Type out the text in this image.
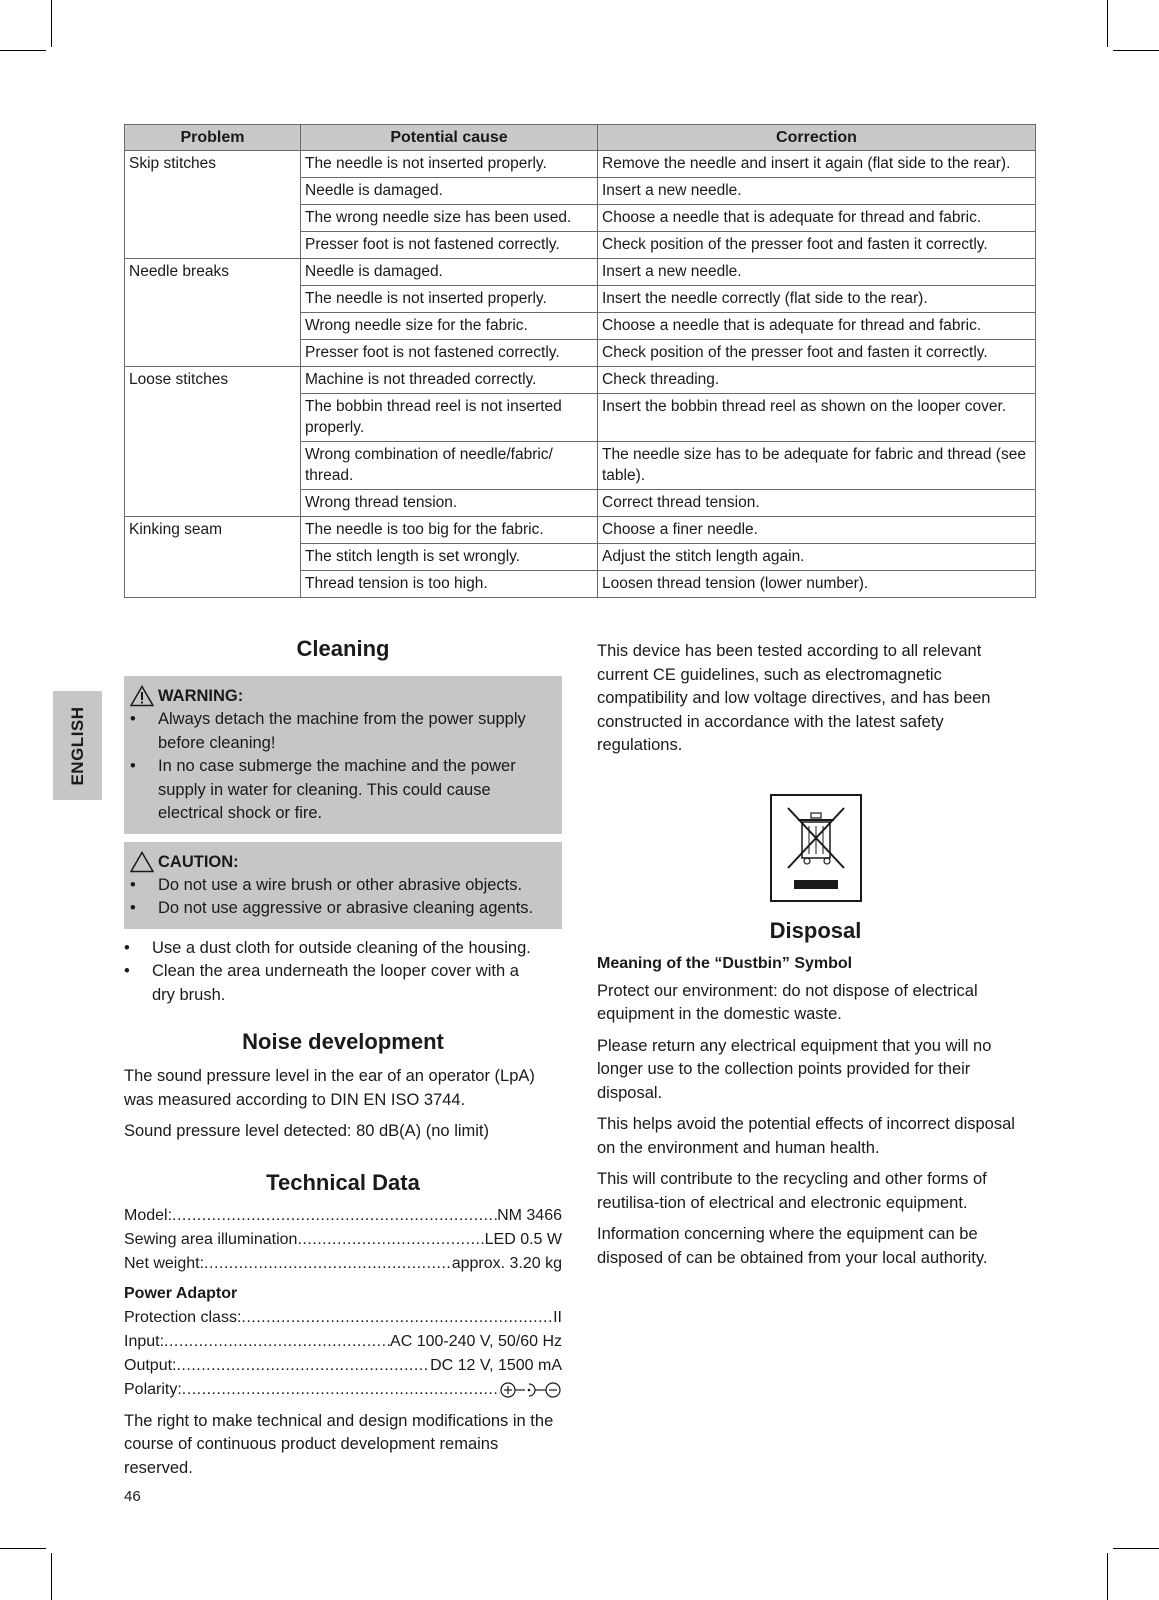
Problem	Potential cause	Correction
Skip stitches	The needle is not inserted properly.	Remove the needle and insert it again (flat side to the rear).
	Needle is damaged.	Insert a new needle.
	The wrong needle size has been used.	Choose a needle that is adequate for thread and fabric.
	Presser foot is not fastened correctly.	Check position of the presser foot and fasten it correctly.
Needle breaks	Needle is damaged.	Insert a new needle.
	The needle is not inserted properly.	Insert the needle correctly (flat side to the rear).
	Wrong needle size for the fabric.	Choose a needle that is adequate for thread and fabric.
	Presser foot is not fastened correctly.	Check position of the presser foot and fasten it correctly.
Loose stitches	Machine is not threaded correctly.	Check threading.
	The bobbin thread reel is not inserted properly.	Insert the bobbin thread reel as shown on the looper cover.
	Wrong combination of needle/fabric/ thread.	The needle size has to be adequate for fabric and thread (see table).
	Wrong thread tension.	Correct thread tension.
Kinking seam	The needle is too big for the fabric.	Choose a finer needle.
	The stitch length is set wrongly.	Adjust the stitch length again.
	Thread tension is too high.	Loosen thread tension (lower number).
ENGLISH
Cleaning
WARNING:
•	Always detach the machine from the power supply before cleaning!
•	In no case submerge the machine and the power supply in water for cleaning. This could cause electrical shock or fire.
CAUTION:
•	Do not use a wire brush or other abrasive objects.
•	Do not use aggressive or abrasive cleaning agents.
•	Use a dust cloth for outside cleaning of the housing.
•	Clean the area underneath the looper cover with a dry brush.
Noise development

The sound pressure level in the ear of an operator (LpA) was measured according to DIN EN ISO 3744.

Sound pressure level detected: 80 dB(A) (no limit)

Technical Data
Model: .....	NM 3466
Sewing area illumination .....	LED 0.5 W
Net weight: .....	approx. 3.20 kg
Power Adaptor
Protection class: .....	II
Input: .....	AC 100-240 V, 50/60 Hz
Output: .....	DC 12 V, 1500 mA
Polarity:
.....

The right to make technical and design modifications in the course of continuous product development remains reserved.

46

This device has been tested according to all relevant current CE guidelines, such as electromagnetic compatibility and low voltage directives, and has been constructed in accordance with the latest safety regulations.

Disposal
Meaning of the “Dustbin” Symbol

Protect our environment: do not dispose of electrical equipment in the domestic waste.

Please return any electrical equipment that you will no longer use to the collection points provided for their disposal.

This helps avoid the potential effects of incorrect disposal on the environment and human health.

This will contribute to the recycling and other forms of reutilisa-tion of electrical and electronic equipment.

Information concerning where the equipment can be disposed of can be obtained from your local authority.
